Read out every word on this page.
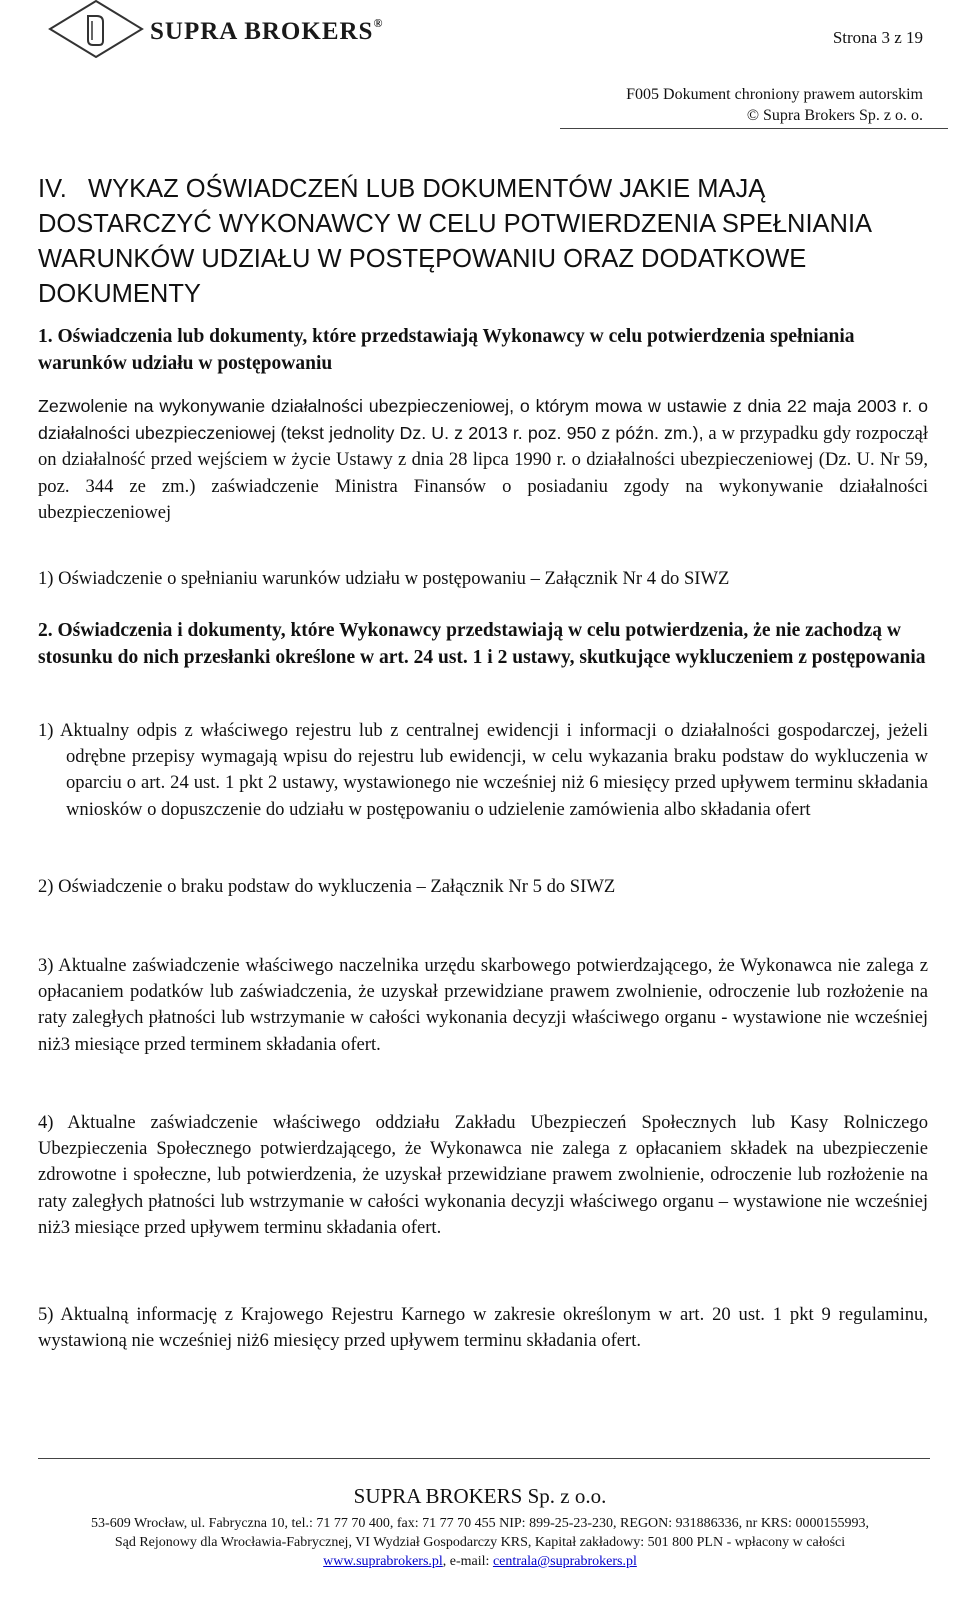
SUPRA BROKERS®
Strona 3 z 19
F005 Dokument chroniony prawem autorskim
© Supra Brokers Sp. z o. o.
IV. WYKAZ OŚWIADCZEŃ LUB DOKUMENTÓW JAKIE MAJĄ DOSTARCZYĆ WYKONAWCY W CELU POTWIERDZENIA SPEŁNIANIA WARUNKÓW UDZIAŁU W POSTĘPOWANIU ORAZ DODATKOWE DOKUMENTY
1. Oświadczenia lub dokumenty, które przedstawiają Wykonawcy w celu potwierdzenia spełniania warunków udziału w postępowaniu
Zezwolenie na wykonywanie działalności ubezpieczeniowej, o którym mowa w ustawie z dnia 22 maja 2003 r. o działalności ubezpieczeniowej (tekst jednolity Dz. U. z 2013 r. poz. 950 z późn. zm.), a w przypadku gdy rozpoczął on działalność przed wejściem w życie Ustawy z dnia 28 lipca 1990 r. o działalności ubezpieczeniowej (Dz. U. Nr 59, poz. 344 ze zm.) zaświadczenie Ministra Finansów o posiadaniu zgody na wykonywanie działalności ubezpieczeniowej
1) Oświadczenie o spełnianiu warunków udziału w postępowaniu – Załącznik Nr 4 do SIWZ
2. Oświadczenia i dokumenty, które Wykonawcy przedstawiają w celu potwierdzenia, że nie zachodzą w stosunku do nich przesłanki określone w art. 24 ust. 1 i 2 ustawy, skutkujące wykluczeniem z postępowania
1) Aktualny odpis z właściwego rejestru lub z centralnej ewidencji i informacji o działalności gospodarczej, jeżeli odrębne przepisy wymagają wpisu do rejestru lub ewidencji, w celu wykazania braku podstaw do wykluczenia w oparciu o art. 24 ust. 1 pkt 2 ustawy, wystawionego nie wcześniej niż 6 miesięcy przed upływem terminu składania wniosków o dopuszczenie do udziału w postępowaniu o udzielenie zamówienia albo składania ofert
2) Oświadczenie o braku podstaw do wykluczenia – Załącznik Nr 5 do SIWZ
3) Aktualne zaświadczenie właściwego naczelnika urzędu skarbowego potwierdzającego, że Wykonawca nie zalega z opłacaniem podatków lub zaświadczenia, że uzyskał przewidziane prawem zwolnienie, odroczenie lub rozłożenie na raty zaległych płatności lub wstrzymanie w całości wykonania decyzji właściwego organu - wystawione nie wcześniej niż3 miesiące przed terminem składania ofert.
4) Aktualne zaświadczenie właściwego oddziału Zakładu Ubezpieczeń Społecznych lub Kasy Rolniczego Ubezpieczenia Społecznego potwierdzającego, że Wykonawca nie zalega z opłacaniem składek na ubezpieczenie zdrowotne i społeczne, lub potwierdzenia, że uzyskał przewidziane prawem zwolnienie, odroczenie lub rozłożenie na raty zaległych płatności lub wstrzymanie w całości wykonania decyzji właściwego organu – wystawione nie wcześniej niż3 miesiące przed upływem terminu składania ofert.
5) Aktualną informację z Krajowego Rejestru Karnego w zakresie określonym w art. 20 ust. 1 pkt 9 regulaminu, wystawioną nie wcześniej niż6 miesięcy przed upływem terminu składania ofert.
SUPRA BROKERS Sp. z o.o.
53-609 Wrocław, ul. Fabryczna 10, tel.: 71 77 70 400, fax: 71 77 70 455 NIP: 899-25-23-230, REGON: 931886336, nr KRS: 0000155993,
Sąd Rejonowy dla Wrocławia-Fabrycznej, VI Wydział Gospodarczy KRS, Kapitał zakładowy: 501 800 PLN - wpłacony w całości
www.suprabrokers.pl, e-mail: centrala@suprabrokers.pl
